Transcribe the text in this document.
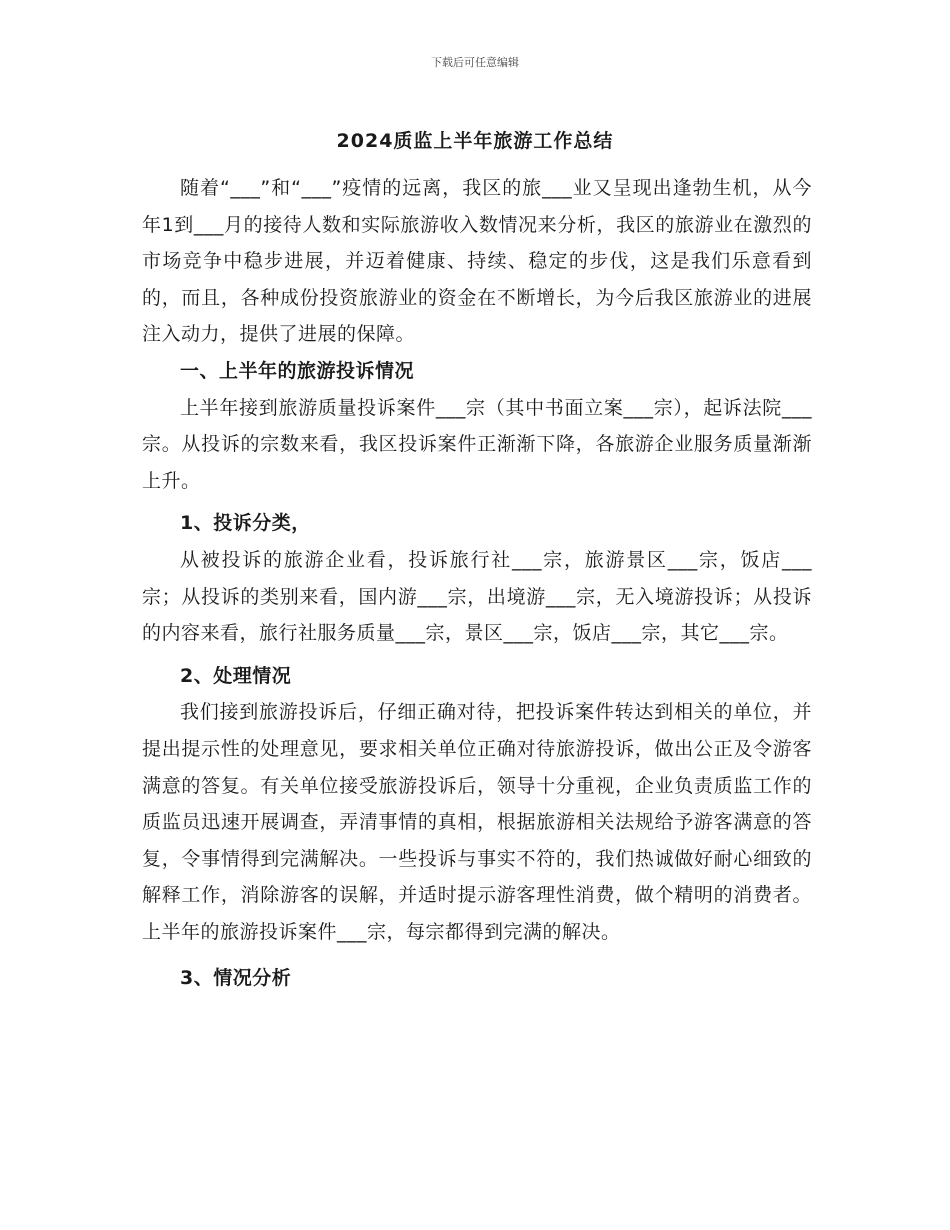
下载后可任意编辑
2024质监上半年旅游工作总结

随着“___”和“___”疫情的远离，我区的旅___业又呈现出逢勃生机，从今年1到___月的接待人数和实际旅游收入数情况来分析，我区的旅游业在激烈的市场竞争中稳步进展，并迈着健康、持续、稳定的步伐，这是我们乐意看到的，而且，各种成份投资旅游业的资金在不断增长，为今后我区旅游业的进展注入动力，提供了进展的保障。

一、上半年的旅游投诉情况

上半年接到旅游质量投诉案件___宗（其中书面立案___宗），起诉法院___宗。从投诉的宗数来看，我区投诉案件正渐渐下降，各旅游企业服务质量渐渐上升。

1、投诉分类，

从被投诉的旅游企业看，投诉旅行社___宗，旅游景区___宗，饭店___宗；从投诉的类别来看，国内游___宗，出境游___宗，无入境游投诉；从投诉的内容来看，旅行社服务质量___宗，景区___宗，饭店___宗，其它___宗。

2、处理情况

我们接到旅游投诉后，仔细正确对待，把投诉案件转达到相关的单位，并提出提示性的处理意见，要求相关单位正确对待旅游投诉，做出公正及令游客满意的答复。有关单位接受旅游投诉后，领导十分重视，企业负责质监工作的质监员迅速开展调查，弄清事情的真相，根据旅游相关法规给予游客满意的答复，令事情得到完满解决。一些投诉与事实不符的，我们热诚做好耐心细致的解释工作，消除游客的误解，并适时提示游客理性消费，做个精明的消费者。上半年的旅游投诉案件___宗，每宗都得到完满的解决。

3、情况分析
